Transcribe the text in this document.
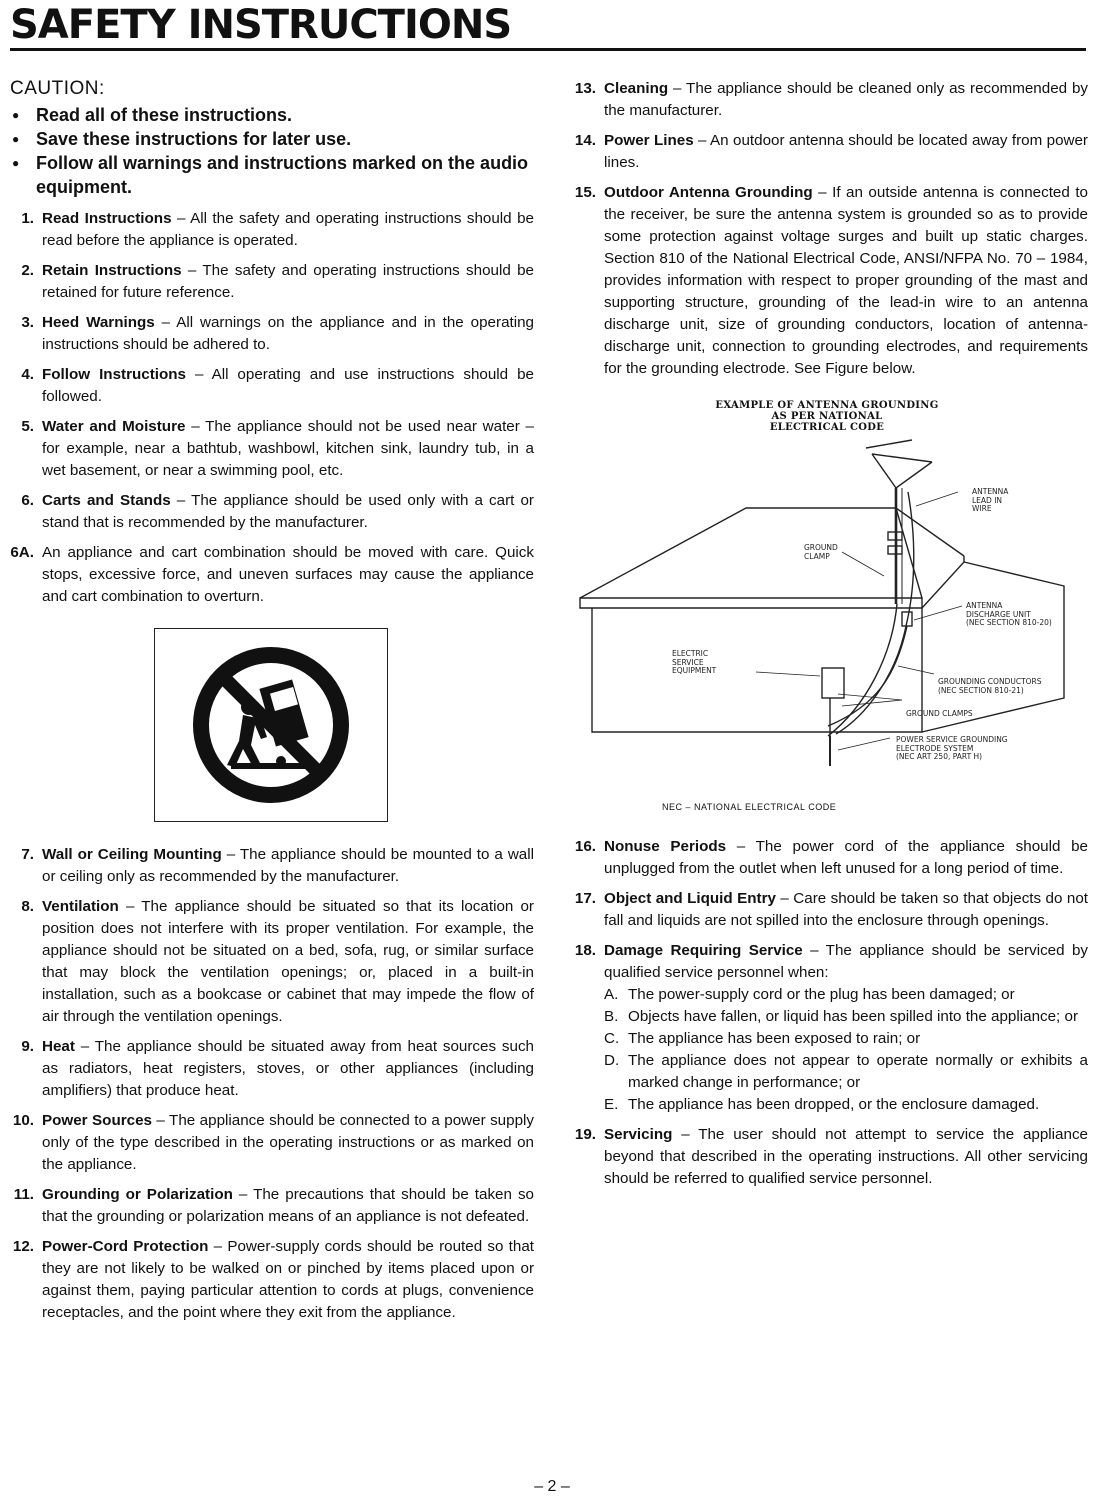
SAFETY INSTRUCTIONS
CAUTION:
● Read all of these instructions.
● Save these instructions for later use.
● Follow all warnings and instructions marked on the audio equipment.
1. Read Instructions – All the safety and operating instructions should be read before the appliance is operated.
2. Retain Instructions – The safety and operating instructions should be retained for future reference.
3. Heed Warnings – All warnings on the appliance and in the operating instructions should be adhered to.
4. Follow Instructions – All operating and use instructions should be followed.
5. Water and Moisture – The appliance should not be used near water – for example, near a bathtub, washbowl, kitchen sink, laundry tub, in a wet basement, or near a swimming pool, etc.
6. Carts and Stands – The appliance should be used only with a cart or stand that is recommended by the manufacturer.
6A. An appliance and cart combination should be moved with care. Quick stops, excessive force, and uneven surfaces may cause the appliance and cart combination to overturn.
7. Wall or Ceiling Mounting – The appliance should be mounted to a wall or ceiling only as recommended by the manufacturer.
8. Ventilation – The appliance should be situated so that its location or position does not interfere with its proper ventilation. For example, the appliance should not be situated on a bed, sofa, rug, or similar surface that may block the ventilation openings; or, placed in a built-in installation, such as a bookcase or cabinet that may impede the flow of air through the ventilation openings.
9. Heat – The appliance should be situated away from heat sources such as radiators, heat registers, stoves, or other appliances (including amplifiers) that produce heat.
10. Power Sources – The appliance should be connected to a power supply only of the type described in the operating instructions or as marked on the appliance.
11. Grounding or Polarization – The precautions that should be taken so that the grounding or polarization means of an appliance is not defeated.
12. Power-Cord Protection – Power-supply cords should be routed so that they are not likely to be walked on or pinched by items placed upon or against them, paying particular attention to cords at plugs, convenience receptacles, and the point where they exit from the appliance.
13. Cleaning – The appliance should be cleaned only as recommended by the manufacturer.
14. Power Lines – An outdoor antenna should be located away from power lines.
15. Outdoor Antenna Grounding – If an outside antenna is connected to the receiver, be sure the antenna system is grounded so as to provide some protection against voltage surges and built up static charges. Section 810 of the National Electrical Code, ANSI/NFPA No. 70 – 1984, provides information with respect to proper grounding of the mast and supporting structure, grounding of the lead-in wire to an antenna discharge unit, size of grounding conductors, location of antenna-discharge unit, connection to grounding electrodes, and requirements for the grounding electrode. See Figure below.
EXAMPLE OF ANTENNA GROUNDING
AS PER NATIONAL
ELECTRICAL CODE
ANTENNA
LEAD IN
WIRE
GROUND
CLAMP
ANTENNA
DISCHARGE UNIT
(NEC SECTION 810-20)
ELECTRIC
SERVICE
EQUIPMENT
GROUNDING CONDUCTORS
(NEC SECTION 810-21)
GROUND CLAMPS
POWER SERVICE GROUNDING
ELECTRODE SYSTEM
(NEC ART 250, PART H)
NEC – NATIONAL ELECTRICAL CODE
16. Nonuse Periods – The power cord of the appliance should be unplugged from the outlet when left unused for a long period of time.
17. Object and Liquid Entry – Care should be taken so that objects do not fall and liquids are not spilled into the enclosure through openings.
18. Damage Requiring Service – The appliance should be serviced by qualified service personnel when:
A. The power-supply cord or the plug has been damaged; or
B. Objects have fallen, or liquid has been spilled into the appliance; or
C. The appliance has been exposed to rain; or
D. The appliance does not appear to operate normally or exhibits a marked change in performance; or
E. The appliance has been dropped, or the enclosure damaged.
19. Servicing – The user should not attempt to service the appliance beyond that described in the operating instructions. All other servicing should be referred to qualified service personnel.
– 2 –
